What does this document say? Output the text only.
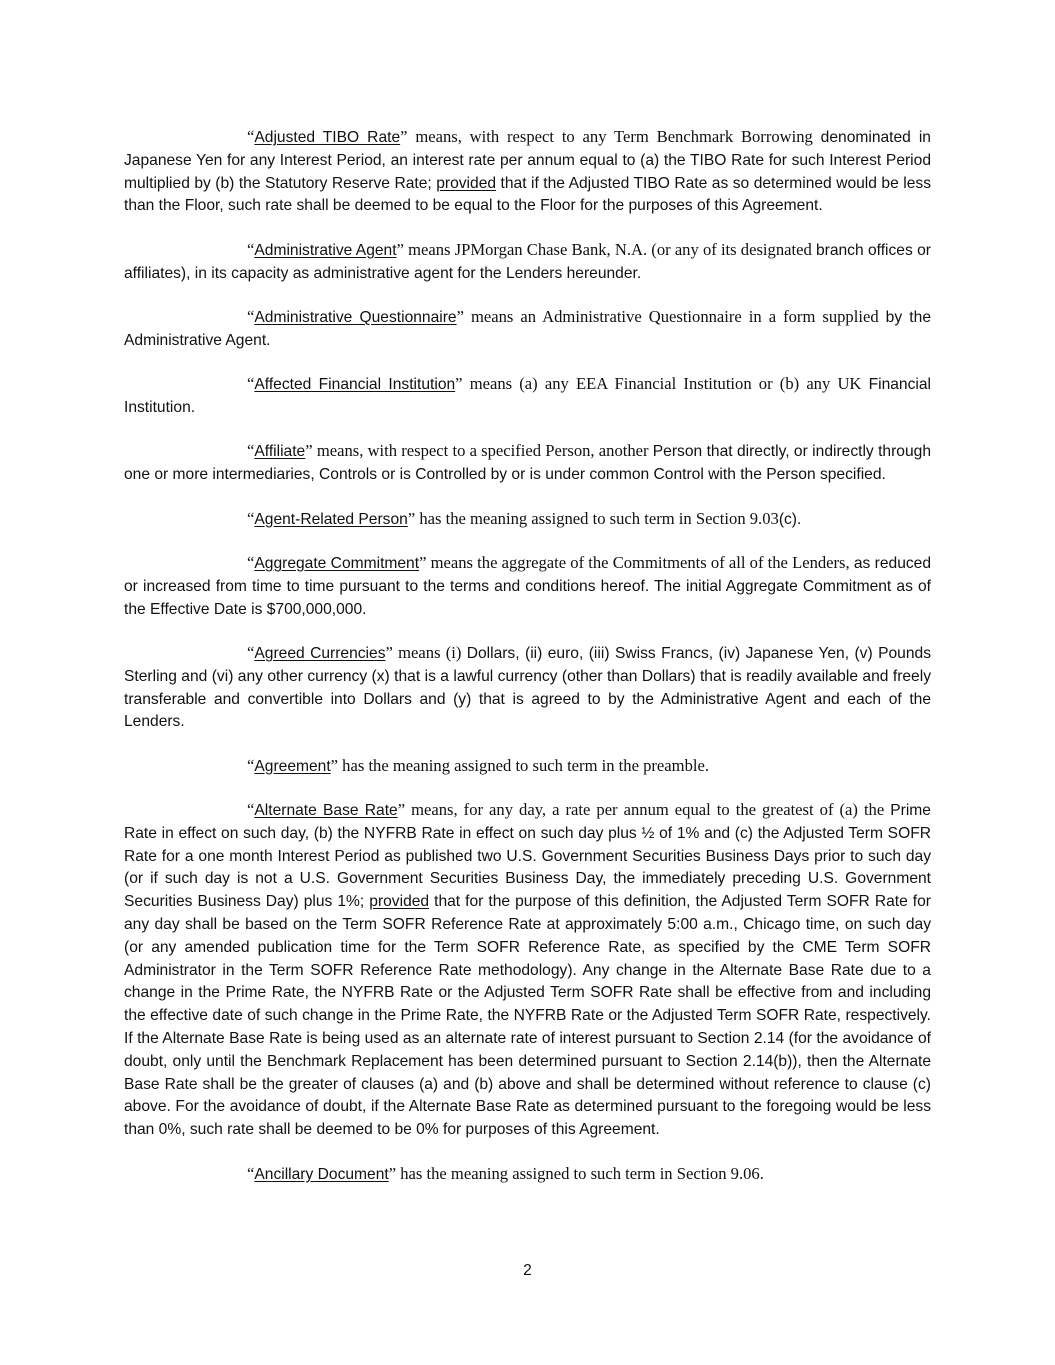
“Adjusted TIBO Rate” means, with respect to any Term Benchmark Borrowing denominated in Japanese Yen for any Interest Period, an interest rate per annum equal to (a) the TIBO Rate for such Interest Period multiplied by (b) the Statutory Reserve Rate; provided that if the Adjusted TIBO Rate as so determined would be less than the Floor, such rate shall be deemed to be equal to the Floor for the purposes of this Agreement.

“Administrative Agent” means JPMorgan Chase Bank, N.A. (or any of its designated branch offices or affiliates), in its capacity as administrative agent for the Lenders hereunder.

“Administrative Questionnaire” means an Administrative Questionnaire in a form supplied by the Administrative Agent.

“Affected Financial Institution” means (a) any EEA Financial Institution or (b) any UK Financial Institution.

“Affiliate” means, with respect to a specified Person, another Person that directly, or indirectly through one or more intermediaries, Controls or is Controlled by or is under common Control with the Person specified.

“Agent-Related Person” has the meaning assigned to such term in Section 9.03(c).

“Aggregate Commitment” means the aggregate of the Commitments of all of the Lenders, as reduced or increased from time to time pursuant to the terms and conditions hereof. The initial Aggregate Commitment as of the Effective Date is $700,000,000.

“Agreed Currencies” means (i) Dollars, (ii) euro, (iii) Swiss Francs, (iv) Japanese Yen, (v) Pounds Sterling and (vi) any other currency (x) that is a lawful currency (other than Dollars) that is readily available and freely transferable and convertible into Dollars and (y) that is agreed to by the Administrative Agent and each of the Lenders.

“Agreement” has the meaning assigned to such term in the preamble.

“Alternate Base Rate” means, for any day, a rate per annum equal to the greatest of (a) the Prime Rate in effect on such day, (b) the NYFRB Rate in effect on such day plus ½ of 1% and (c) the Adjusted Term SOFR Rate for a one month Interest Period as published two U.S. Government Securities Business Days prior to such day (or if such day is not a U.S. Government Securities Business Day, the immediately preceding U.S. Government Securities Business Day) plus 1%; provided that for the purpose of this definition, the Adjusted Term SOFR Rate for any day shall be based on the Term SOFR Reference Rate at approximately 5:00 a.m., Chicago time, on such day (or any amended publication time for the Term SOFR Reference Rate, as specified by the CME Term SOFR Administrator in the Term SOFR Reference Rate methodology). Any change in the Alternate Base Rate due to a change in the Prime Rate, the NYFRB Rate or the Adjusted Term SOFR Rate shall be effective from and including the effective date of such change in the Prime Rate, the NYFRB Rate or the Adjusted Term SOFR Rate, respectively. If the Alternate Base Rate is being used as an alternate rate of interest pursuant to Section 2.14 (for the avoidance of doubt, only until the Benchmark Replacement has been determined pursuant to Section 2.14(b)), then the Alternate Base Rate shall be the greater of clauses (a) and (b) above and shall be determined without reference to clause (c) above. For the avoidance of doubt, if the Alternate Base Rate as determined pursuant to the foregoing would be less than 0%, such rate shall be deemed to be 0% for purposes of this Agreement.

“Ancillary Document” has the meaning assigned to such term in Section 9.06.

2
